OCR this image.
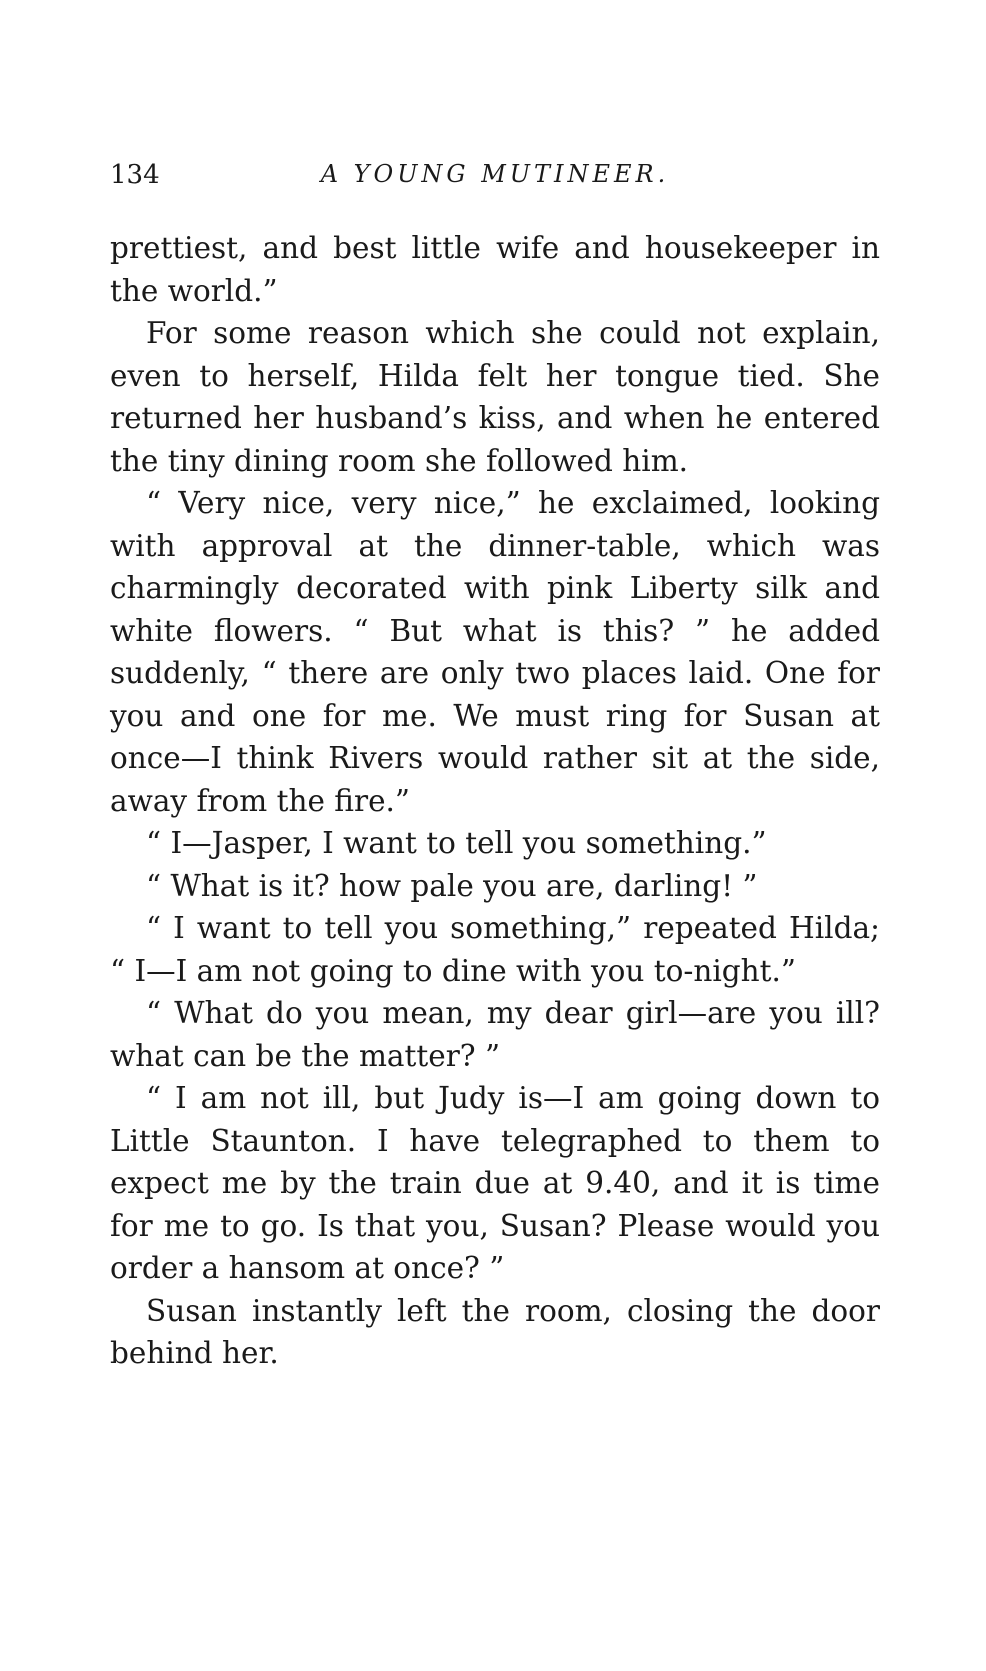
134	A YOUNG MUTINEER.

prettiest, and best little wife and housekeeper in the world.”

For some reason which she could not explain, even to herself, Hilda felt her tongue tied. She returned her husband’s kiss, and when he entered the tiny dining room she followed him.

“ Very nice, very nice,” he exclaimed, looking with approval at the dinner-table, which was charmingly decorated with pink Liberty silk and white flowers. “ But what is this? ” he added suddenly, “ there are only two places laid. One for you and one for me. We must ring for Susan at once—I think Rivers would rather sit at the side, away from the fire.”

“ I—Jasper, I want to tell you something.”

“ What is it? how pale you are, darling! ”

“ I want to tell you something,” repeated Hilda; “ I—I am not going to dine with you to-night.”

“ What do you mean, my dear girl—are you ill? what can be the matter? ”

“ I am not ill, but Judy is—I am going down to Little Staunton. I have telegraphed to them to expect me by the train due at 9.40, and it is time for me to go. Is that you, Susan? Please would you order a hansom at once? ”

Susan instantly left the room, closing the door behind her.
